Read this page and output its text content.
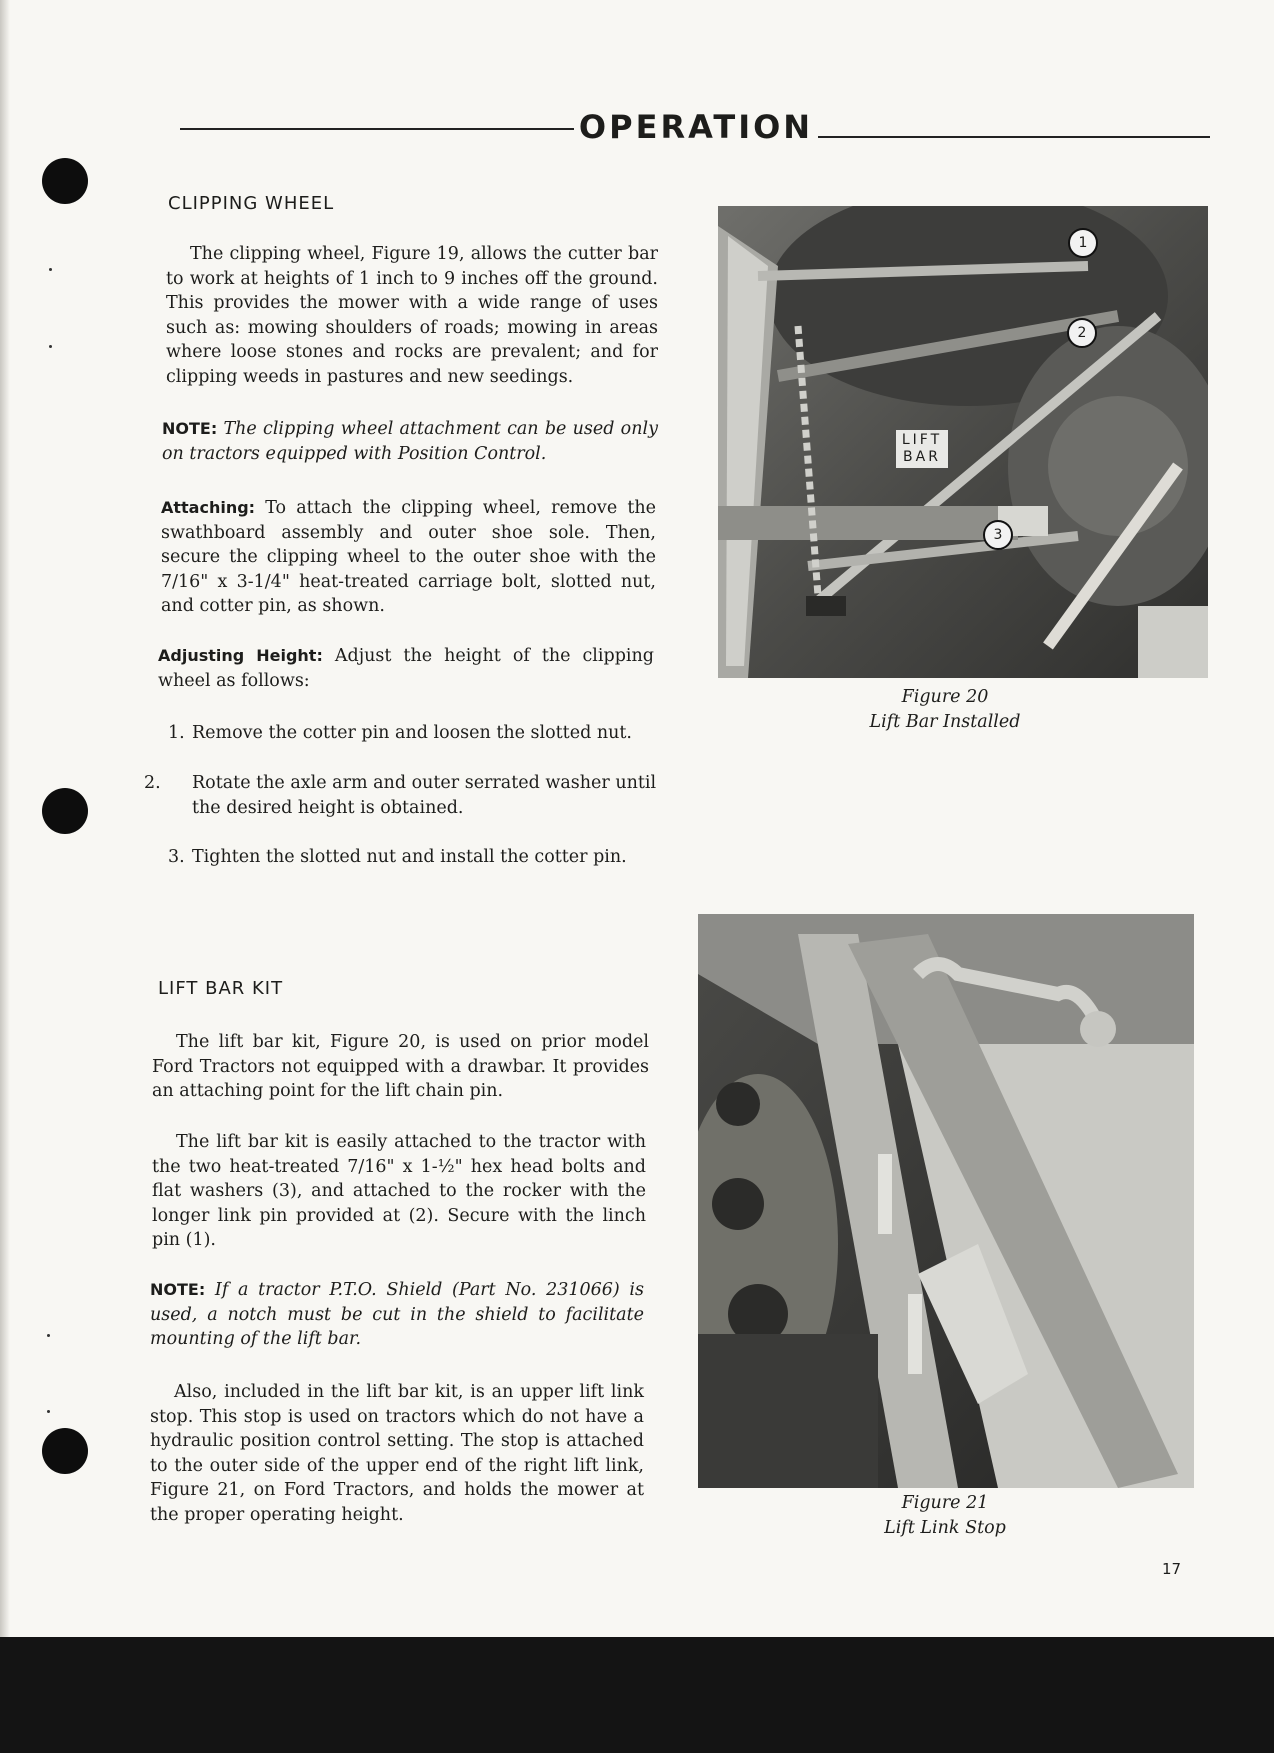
OPERATION
CLIPPING WHEEL
The clipping wheel, Figure 19, allows the cutter bar to work at heights of 1 inch to 9 inches off the ground. This provides the mower with a wide range of uses such as: mowing shoulders of roads; mowing in areas where loose stones and rocks are prevalent; and for clipping weeds in pastures and new seedings.
NOTE: The clipping wheel attachment can be used only on tractors equipped with Position Control.
Attaching: To attach the clipping wheel, remove the swathboard assembly and outer shoe sole. Then, secure the clipping wheel to the outer shoe with the 7/16" x 3-1/4" heat-treated carriage bolt, slotted nut, and cotter pin, as shown.
Adjusting Height: Adjust the height of the clipping wheel as follows:
1. Remove the cotter pin and loosen the slotted nut.
2. Rotate the axle arm and outer serrated washer until the desired height is obtained.
3. Tighten the slotted nut and install the cotter pin.
LIFT BAR KIT
The lift bar kit, Figure 20, is used on prior model Ford Tractors not equipped with a drawbar. It provides an attaching point for the lift chain pin.
The lift bar kit is easily attached to the tractor with the two heat-treated 7/16" x 1-½" hex head bolts and flat washers (3), and attached to the rocker with the longer link pin provided at (2). Secure with the linch pin (1).
NOTE: If a tractor P.T.O. Shield (Part No. 231066) is used, a notch must be cut in the shield to facilitate mounting of the lift bar.
Also, included in the lift bar kit, is an upper lift link stop. This stop is used on tractors which do not have a hydraulic position control setting. The stop is attached to the outer side of the upper end of the right lift link, Figure 21, on Ford Tractors, and holds the mower at the proper operating height.
1
2
3
LIFT
BAR
Figure 20
Lift Bar Installed
Figure 21
Lift Link Stop
17
